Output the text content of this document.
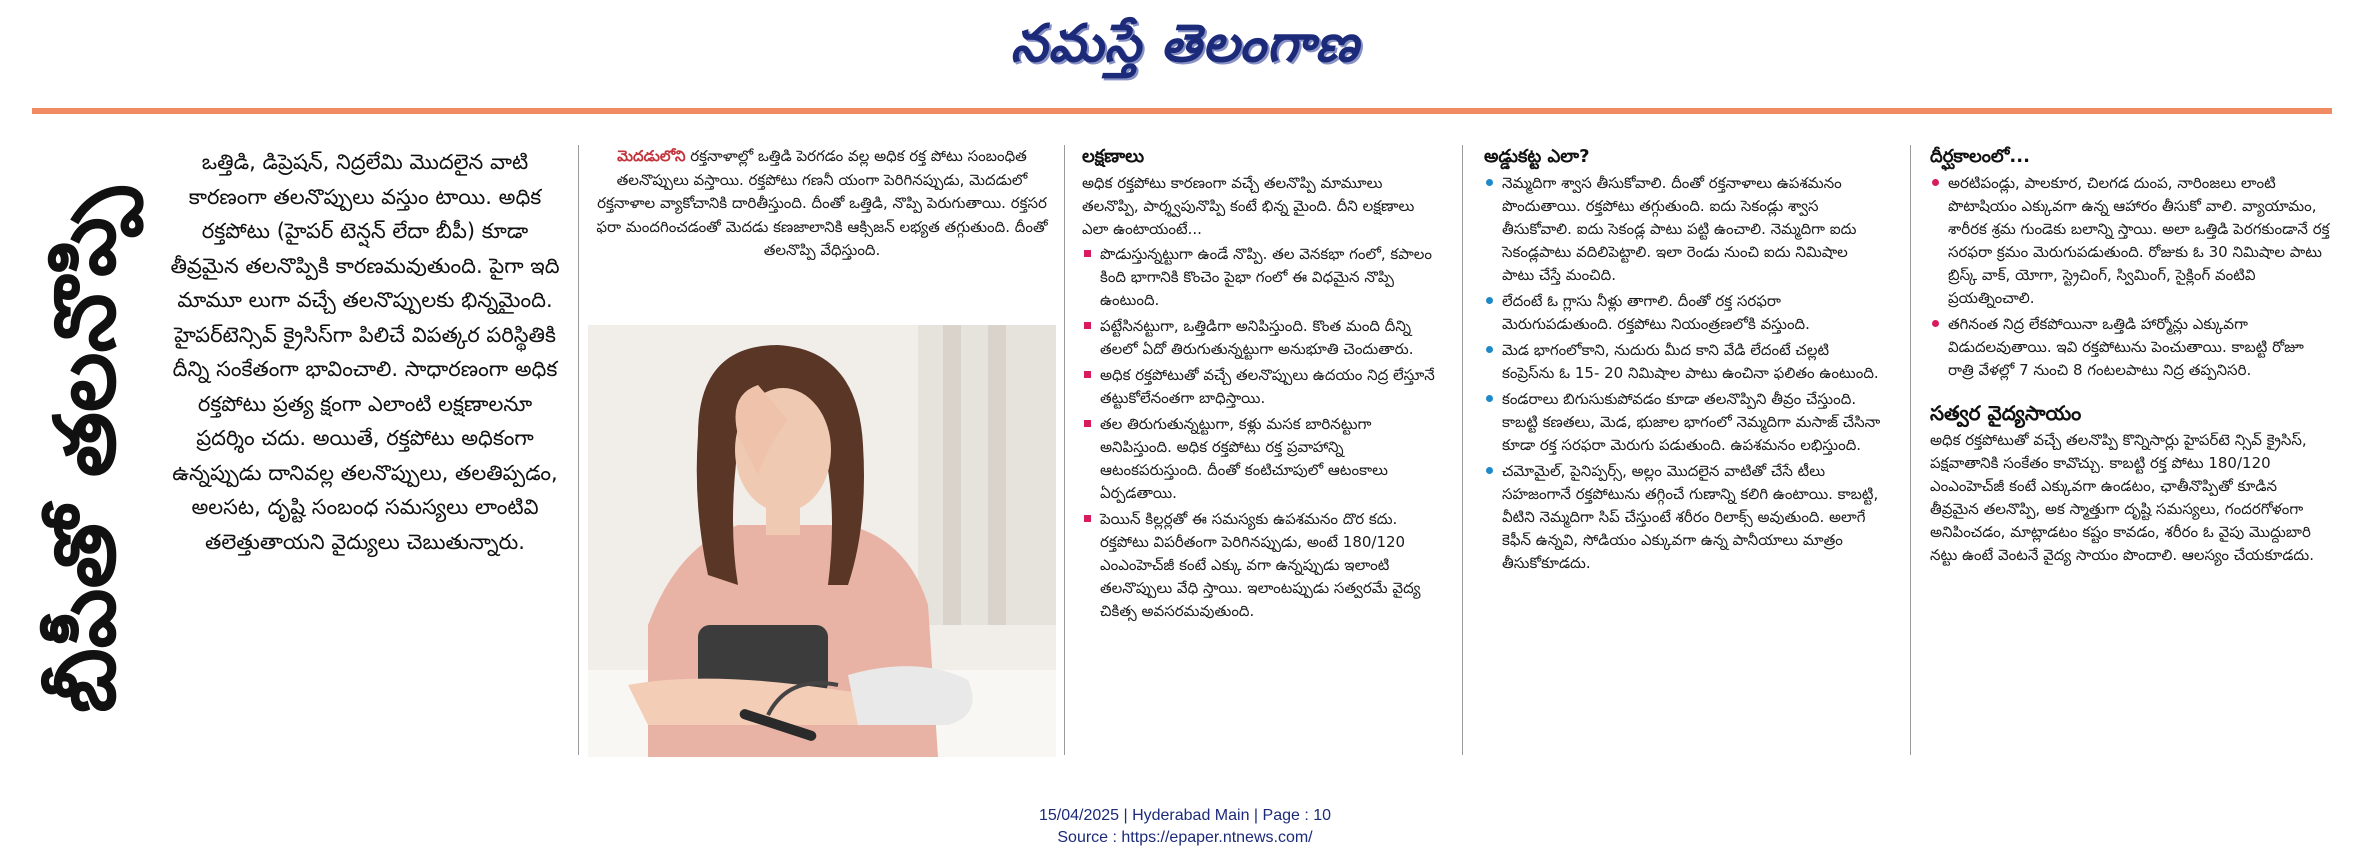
నమస్తే తెలంగాణ
బీపీతో తలనొప్పి

ఒత్తిడి, డిప్రెషన్, నిద్రలేమి మొదలైన వాటి కారణంగా తలనొప్పులు వస్తుం టాయి. అధిక రక్తపోటు (హైపర్ టెన్షన్ లేదా బీపీ) కూడా తీవ్రమైన తలనొప్పికి కారణమవుతుంది. పైగా ఇది మామూ లుగా వచ్చే తలనొప్పులకు భిన్నమైంది. హైపర్‌టెన్సివ్ క్రైసిస్‌గా పిలిచే విపత్కర పరిస్థితికి దీన్ని సంకేతంగా భావించాలి. సాధారణంగా అధిక రక్తపోటు ప్రత్య క్షంగా ఎలాంటి లక్షణాలనూ ప్రదర్శిం చదు. అయితే, రక్తపోటు అధికంగా ఉన్నప్పుడు దానివల్ల తలనొప్పులు, తలతిప్పడం, అలసట, దృష్టి సంబంధ సమస్యలు లాంటివి తలెత్తుతాయని వైద్యులు చెబుతున్నారు.

మెదడులోని రక్తనాళాల్లో ఒత్తిడి పెరగడం వల్ల అధిక రక్త పోటు సంబంధిత తలనొప్పులు వస్తాయి. రక్తపోటు గణనీ యంగా పెరిగినప్పుడు, మెదడులో రక్తనాళాల వ్యాకోచానికి దారితీస్తుంది. దీంతో ఒత్తిడి, నొప్పి పెరుగుతాయి. రక్తసర ఫరా మందగించడంతో మెదడు కణజాలానికి ఆక్సిజన్ లభ్యత తగ్గుతుంది. దీంతో తలనొప్పి వేధిస్తుంది.
లక్షణాలు

అధిక రక్తపోటు కారణంగా వచ్చే తలనొప్పి మామూలు తలనొప్పి, పార్శ్వపునొప్పి కంటే భిన్న మైంది. దీని లక్షణాలు ఎలా ఉంటాయంటే...

పొడుస్తున్నట్టుగా ఉండే నొప్పి. తల వెనకభా గంలో, కపాలం కింది భాగానికి కొంచెం పైభా గంలో ఈ విధమైన నొప్పి ఉంటుంది.
పట్టేసినట్టుగా, ఒత్తిడిగా అనిపిస్తుంది. కొంత మంది దీన్ని తలలో ఏదో తిరుగుతున్నట్టుగా అనుభూతి చెందుతారు.
అధిక రక్తపోటుతో వచ్చే తలనొప్పులు ఉదయం నిద్ర లేస్తూనే తట్టుకోలేనంతగా బాధిస్తాయి.
తల తిరుగుతున్నట్టుగా, కళ్లు మసక బారినట్టుగా అనిపిస్తుంది. అధిక రక్తపోటు రక్త ప్రవాహాన్ని ఆటంకపరుస్తుంది. దీంతో కంటిచూపులో ఆటంకాలు ఏర్పడతాయి.
పెయిన్ కిల్లర్లతో ఈ సమస్యకు ఉపశమనం దొర కదు. రక్తపోటు విపరీతంగా పెరిగినప్పుడు, అంటే 180/120 ఎంఎంహెచ్‌జీ కంటే ఎక్కు వగా ఉన్నప్పుడు ఇలాంటి తలనొప్పులు వేధి స్తాయి. ఇలాంటప్పుడు సత్వరమే వైద్య చికిత్స అవసరమవుతుంది.
అడ్డుకట్ట ఎలా?
నెమ్మదిగా శ్వాస తీసుకోవాలి. దీంతో రక్తనాళాలు ఉపశమనం పొందుతాయి. రక్తపోటు తగ్గుతుంది. ఐదు సెకండ్లు శ్వాస తీసుకోవాలి. ఐదు సెకండ్ల పాటు పట్టి ఉంచాలి. నెమ్మదిగా ఐదు సెకండ్లపాటు వదిలిపెట్టాలి. ఇలా రెండు నుంచి ఐదు నిమిషాల పాటు చేస్తే మంచిది.
లేదంటే ఓ గ్లాసు నీళ్లు తాగాలి. దీంతో రక్త సరఫరా మెరుగుపడుతుంది. రక్తపోటు నియంత్రణలోకి వస్తుంది.
మెడ భాగంలోకాని, నుదురు మీద కాని వేడి లేదంటే చల్లటి కంప్రెస్‌ను ఓ 15- 20 నిమిషాల పాటు ఉంచినా ఫలితం ఉంటుంది.
కండరాలు బిగుసుకుపోవడం కూడా తలనొప్పిని తీవ్రం చేస్తుంది. కాబట్టి కణతలు, మెడ, భుజాల భాగంలో నెమ్మదిగా మసాజ్ చేసినా కూడా రక్త సరఫరా మెరుగు పడుతుంది. ఉపశమనం లభిస్తుంది.
చమోమైల్, పైనిప్పర్స్, అల్లం మొదలైన వాటితో చేసే టీలు సహజంగానే రక్తపోటును తగ్గించే గుణాన్ని కలిగి ఉంటాయి. కాబట్టి, వీటిని నెమ్మదిగా సిప్ చేస్తుంటే శరీరం రిలాక్స్‌ అవుతుంది. అలాగే కెఫీన్ ఉన్నవి, సోడియం ఎక్కువగా ఉన్న పానీయాలు మాత్రం తీసుకోకూడదు.
దీర్ఘకాలంలో...
అరటిపండ్లు, పాలకూర, చిలగడ దుంప, నారింజలు లాంటి పొటాషియం ఎక్కువగా ఉన్న ఆహారం తీసుకో వాలి. వ్యాయామం, శారీరక శ్రమ గుండెకు బలాన్ని స్తాయి. అలా ఒత్తిడి పెరగకుండానే రక్త సరఫరా క్రమం మెరుగుపడుతుంది. రోజుకు ఓ 30 నిమిషాల పాటు బ్రిస్క్ వాక్, యోగా, స్ట్రెచింగ్, స్విమింగ్, సైక్లింగ్ వంటివి ప్రయత్నించాలి.
తగినంత నిద్ర లేకపోయినా ఒత్తిడి హార్మోన్లు ఎక్కువగా విడుదలవుతాయి. ఇవి రక్తపోటును పెంచుతాయి. కాబట్టి రోజూ రాత్రి వేళల్లో 7 నుంచి 8 గంటలపాటు నిద్ర తప్పనిసరి.
సత్వర వైద్యసాయం

అధిక రక్తపోటుతో వచ్చే తలనొప్పి కొన్నిసార్లు హైపర్‌టె న్సివ్ క్రైసిస్, పక్షవాతానికి సంకేతం కావొచ్చు. కాబట్టి రక్త పోటు 180/120 ఎంఎంహెచ్‌జీ కంటే ఎక్కువగా ఉండటం, ఛాతీనొప్పితో కూడిన తీవ్రమైన తలనొప్పి, అక స్మాత్తుగా దృష్టి సమస్యలు, గందరగోళంగా అనిపించడం, మాట్లాడటం కష్టం కావడం, శరీరం ఓ వైపు మొద్దుబారి నట్టు ఉంటే వెంటనే వైద్య సాయం పొందాలి. ఆలస్యం చేయకూడదు.

15/04/2025 | Hyderabad Main | Page : 10
Source : https://epaper.ntnews.com/
